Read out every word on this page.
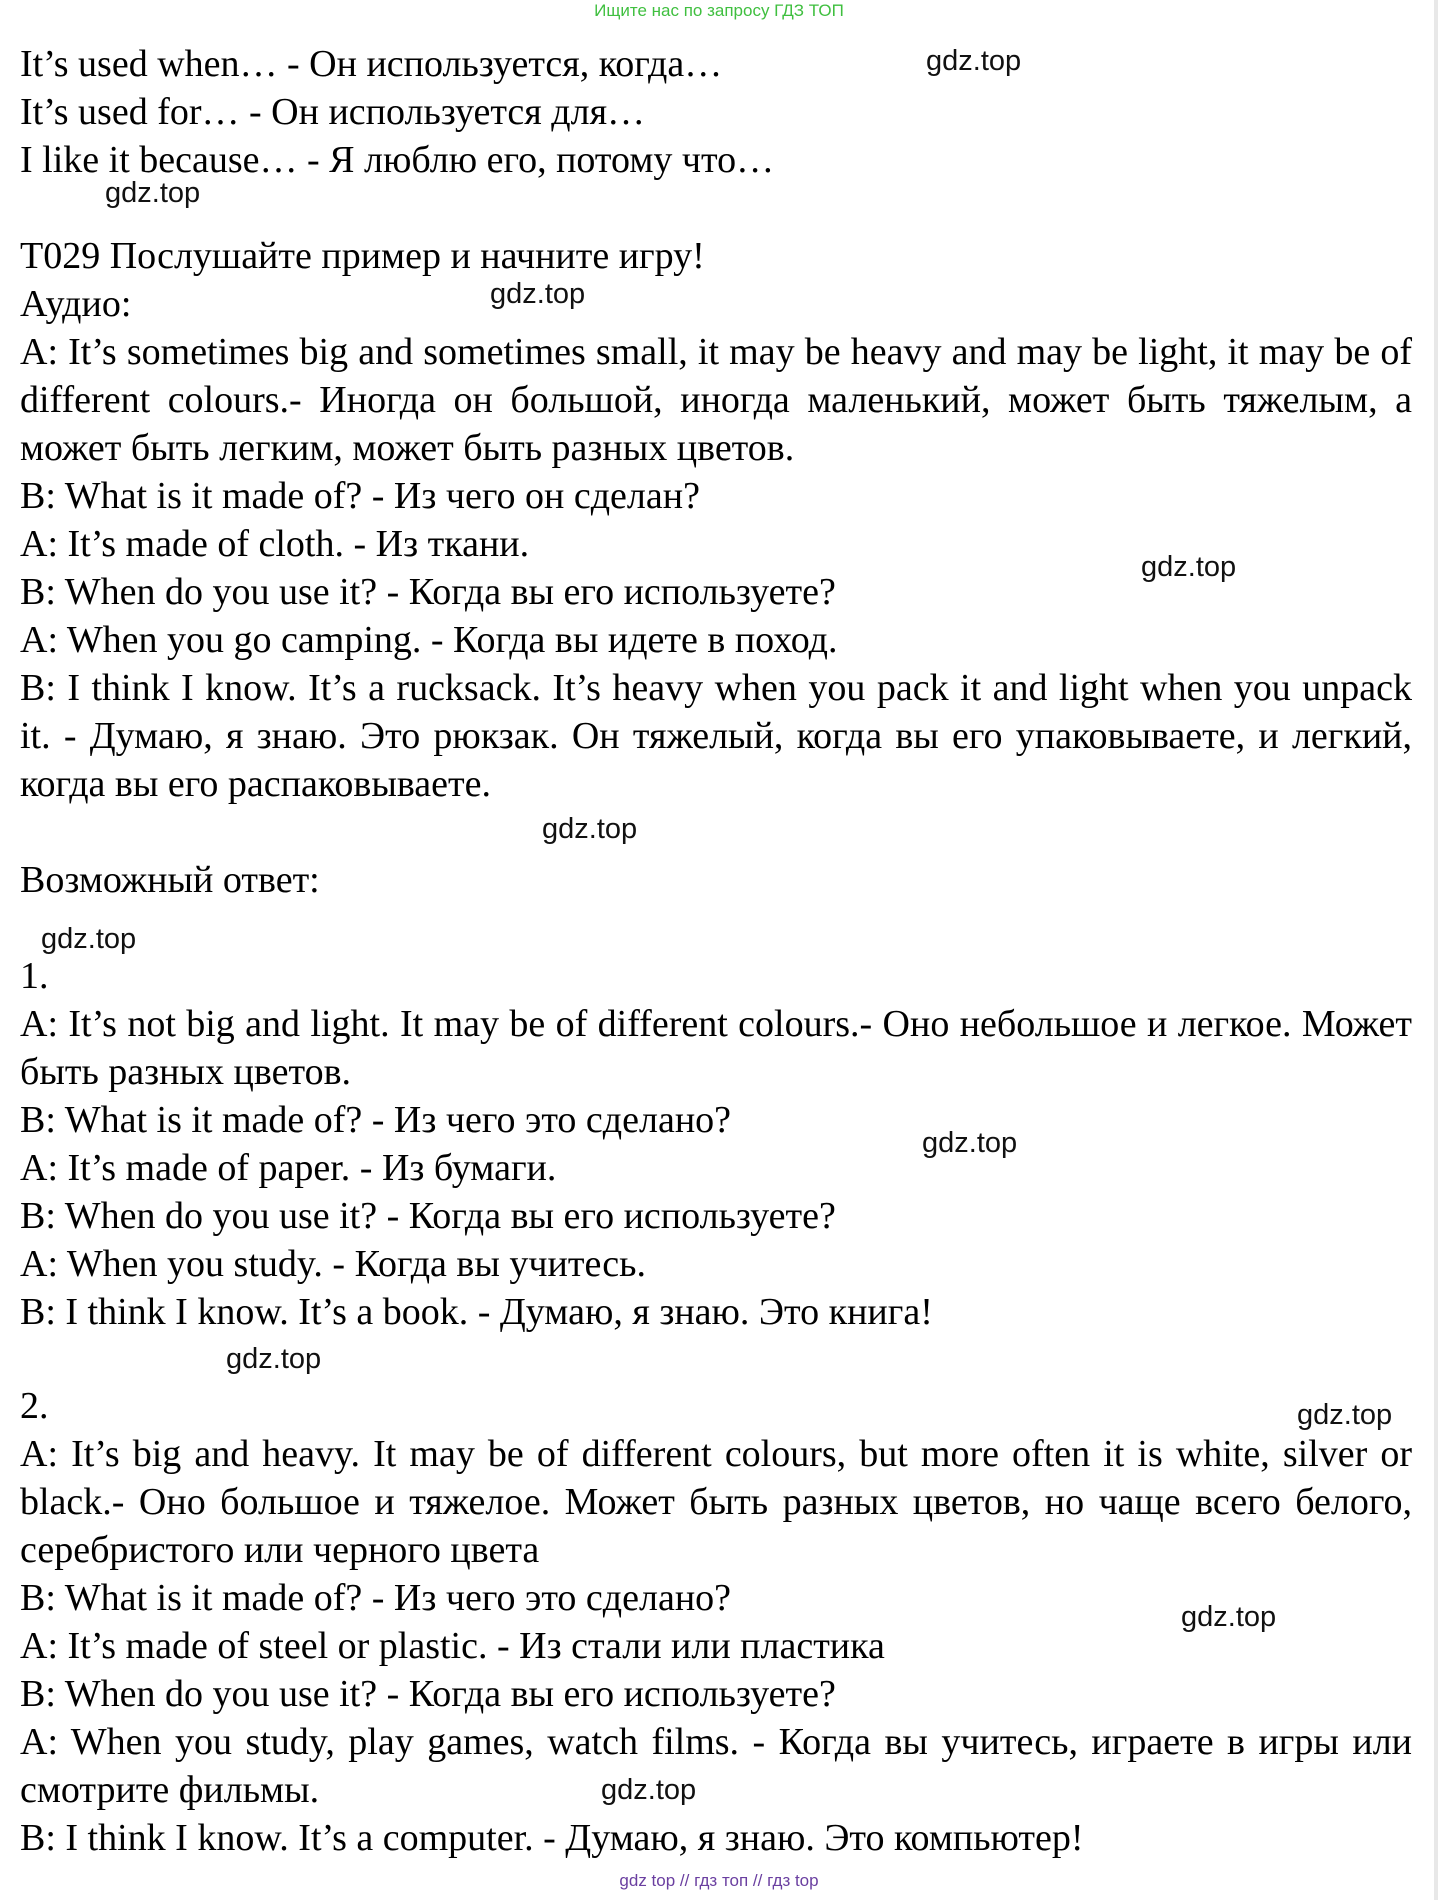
Ищите нас по запросу ГДЗ ТОП
It’s used when… - Он используется, когда…
It’s used for… - Он используется для…
I like it because… - Я люблю его, потому что…
T029 Послушайте пример и начните игру!
Аудио:
A: It’s sometimes big and sometimes small, it may be heavy and may be light, it may be of different colours.- Иногда он большой, иногда маленький, может быть тяжелым, а может быть легким, может быть разных цветов.
B: What is it made of? - Из чего он сделан?
A: It’s made of cloth. - Из ткани.
B: When do you use it? - Когда вы его используете?
A: When you go camping. - Когда вы идете в поход.
B: I think I know. It’s a rucksack. It’s heavy when you pack it and light when you unpack it. - Думаю, я знаю. Это рюкзак. Он тяжелый, когда вы его упаковываете, и легкий, когда вы его распаковываете.
Возможный ответ:
1.
A: It’s not big and light. It may be of different colours.- Оно небольшое и легкое. Может быть разных цветов.
B: What is it made of? - Из чего это сделано?
A: It’s made of paper. - Из бумаги.
B: When do you use it? - Когда вы его используете?
A: When you study. - Когда вы учитесь.
B: I think I know. It’s a book. - Думаю, я знаю. Это книга!
2.
A: It’s big and heavy. It may be of different colours, but more often it is white, silver or black.- Оно большое и тяжелое. Может быть разных цветов, но чаще всего белого, серебристого или черного цвета
B: What is it made of? - Из чего это сделано?
A: It’s made of steel or plastic. - Из стали или пластика
B: When do you use it? - Когда вы его используете?
A: When you study, play games, watch films. - Когда вы учитесь, играете в игры или смотрите фильмы.
B: I think I know. It’s a computer. - Думаю, я знаю. Это компьютер!
gdz.top
gdz.top
gdz.top
gdz.top
gdz.top
gdz.top
gdz.top
gdz.top
gdz.top
gdz.top
gdz.top
gdz top // гдз топ // гдз top
